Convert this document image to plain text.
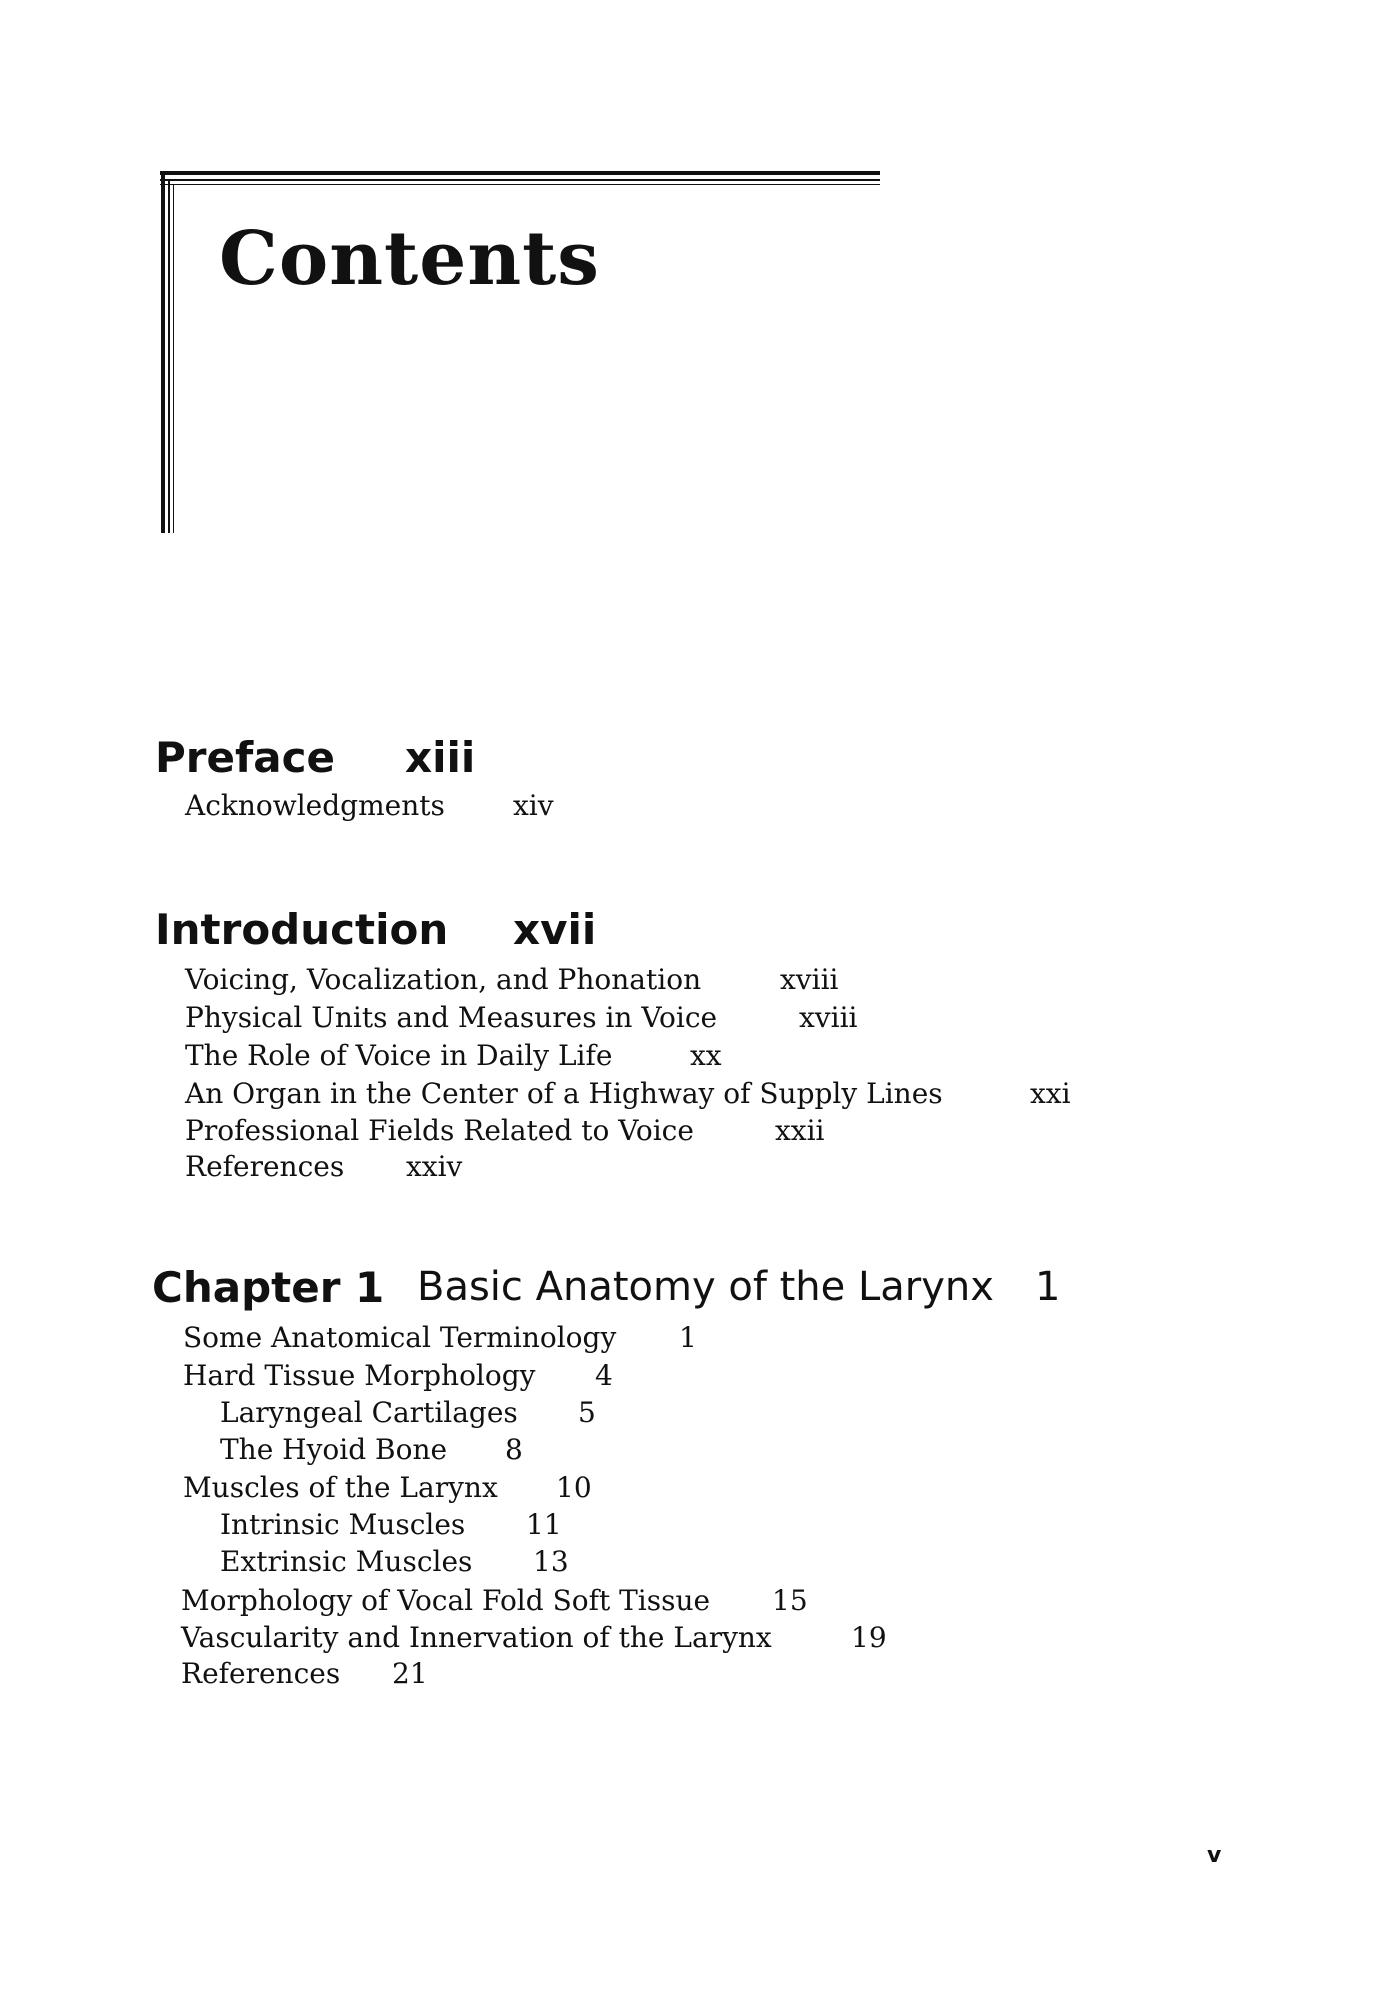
Contents
Preface xiii
Acknowledgments xiv
Introduction xvii
Voicing, Vocalization, and Phonation	xviii
Physical Units and Measures in Voice	xviii
The Role of Voice in Daily Life	xx
An Organ in the Center of a Highway of Supply Lines	xxi
Professional Fields Related to Voice	xxii
References xxiv
Chapter 1 Basic Anatomy of the Larynx 1
Some Anatomical Terminology 1
Hard Tissue Morphology 4
Laryngeal Cartilages 5
The Hyoid Bone 8
Muscles of the Larynx 10
Intrinsic Muscles 11
Extrinsic Muscles 13
Morphology of Vocal Fold Soft Tissue 15
Vascularity and Innervation of the Larynx	19
References 21
v
